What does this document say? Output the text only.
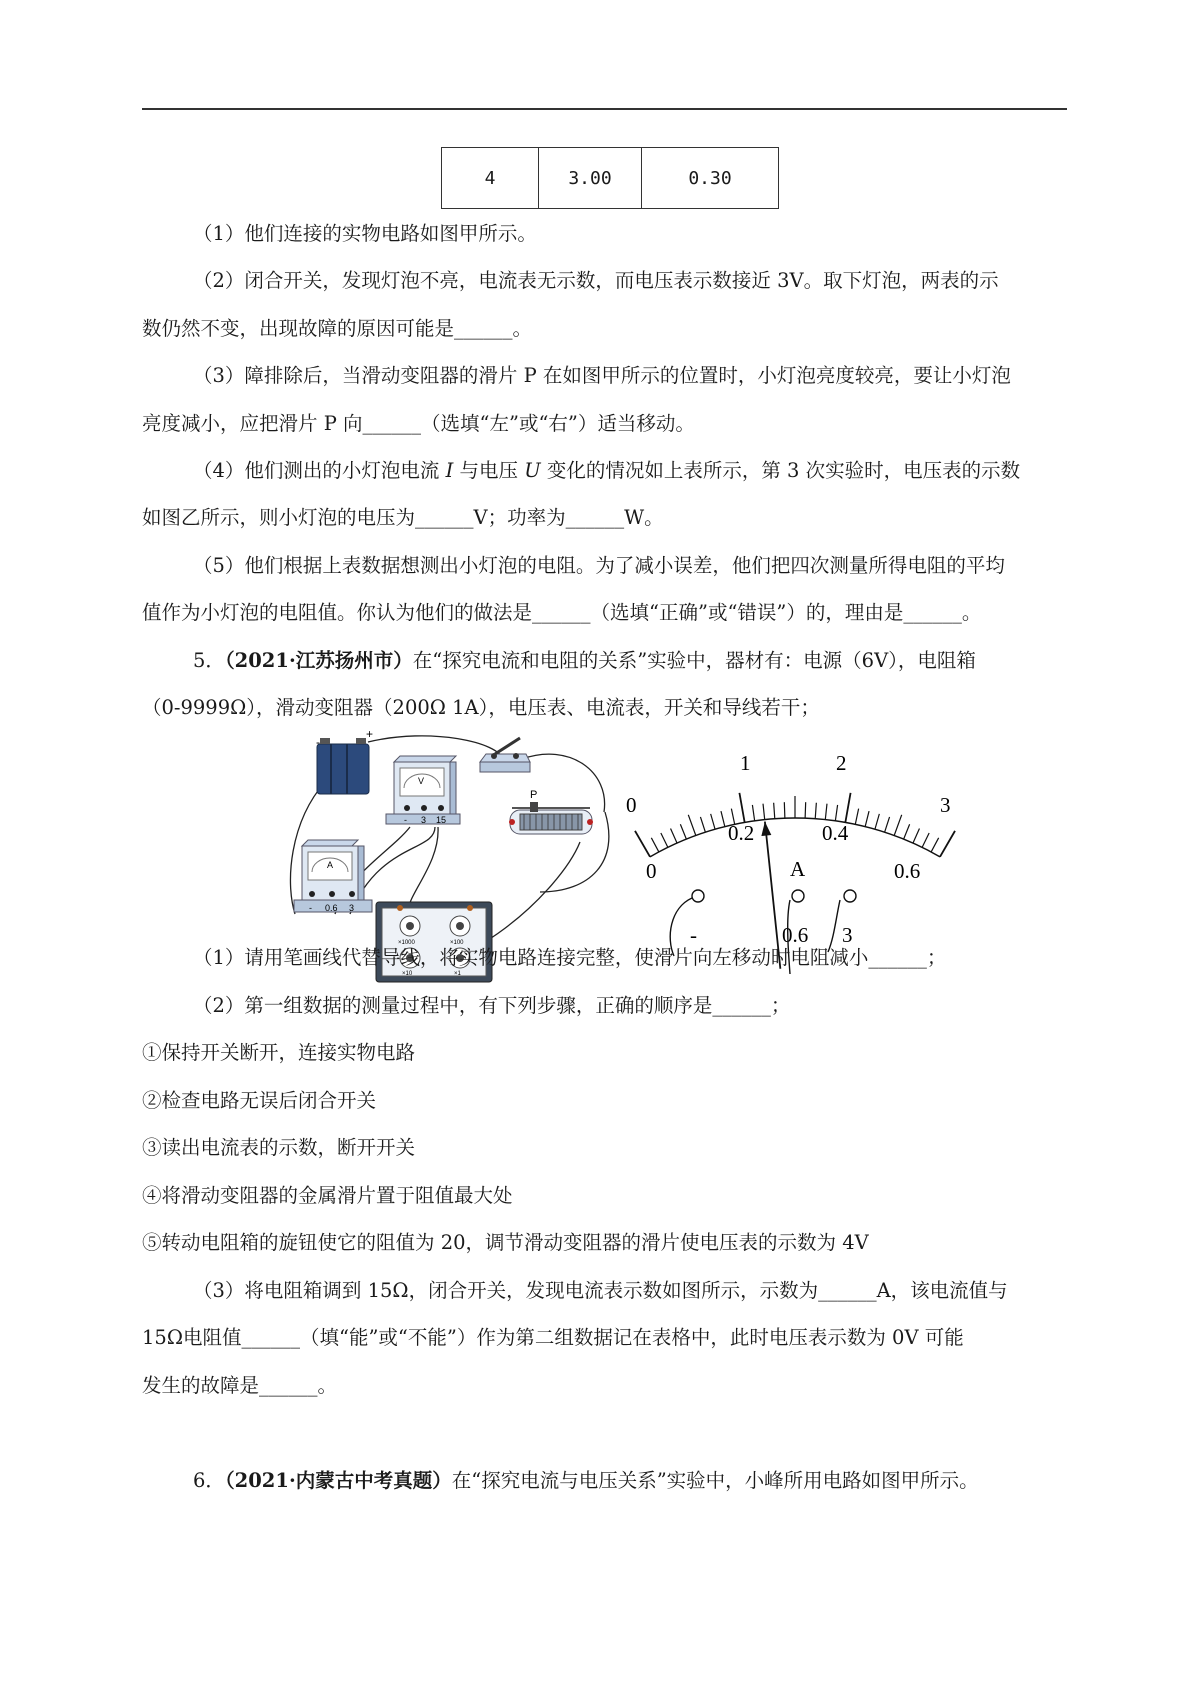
4	3.00	0.30
（1）他们连接的实物电路如图甲所示。
（2）闭合开关，发现灯泡不亮，电流表无示数，而电压表示数接近 3V。取下灯泡，两表的示
数仍然不变，出现故障的原因可能是______。
（3）障排除后，当滑动变阻器的滑片 P 在如图甲所示的位置时，小灯泡亮度较亮，要让小灯泡
亮度减小，应把滑片 P 向______（选填“左”或“右”）适当移动。
（4）他们测出的小灯泡电流 I 与电压 U 变化的情况如上表所示，第 3 次实验时，电压表的示数
如图乙所示，则小灯泡的电压为______V；功率为______W。
（5）他们根据上表数据想测出小灯泡的电阻。为了减小误差，他们把四次测量所得电阻的平均
值作为小灯泡的电阻值。你认为他们的做法是______（选填“正确”或“错误”）的，理由是______。
5．（2021·江苏扬州市）在“探究电流和电阻的关系”实验中，器材有：电源（6V），电阻箱
（0-9999Ω），滑动变阻器（200Ω 1A），电压表、电流表，开关和导线若干；
-
+
V
- 3 15
A
- 0.6 3
P
×1000	×100
×10	×1
0
1	2
3
0
0.2	0.4
0.6
A
-	0.6 3
（1）请用笔画线代替导线，将实物电路连接完整，使滑片向左移动时电阻减小______；
（2）第一组数据的测量过程中，有下列步骤，正确的顺序是______；
①保持开关断开，连接实物电路
②检查电路无误后闭合开关
③读出电流表的示数，断开开关
④将滑动变阻器的金属滑片置于阻值最大处
⑤转动电阻箱的旋钮使它的阻值为 20，调节滑动变阻器的滑片使电压表的示数为 4V
（3）将电阻箱调到 15Ω，闭合开关，发现电流表示数如图所示，示数为______A，该电流值与
15Ω电阻值______（填“能”或“不能”）作为第二组数据记在表格中，此时电压表示数为 0V 可能
发生的故障是______。
6．（2021·内蒙古中考真题）在“探究电流与电压关系”实验中，小峰所用电路如图甲所示。
